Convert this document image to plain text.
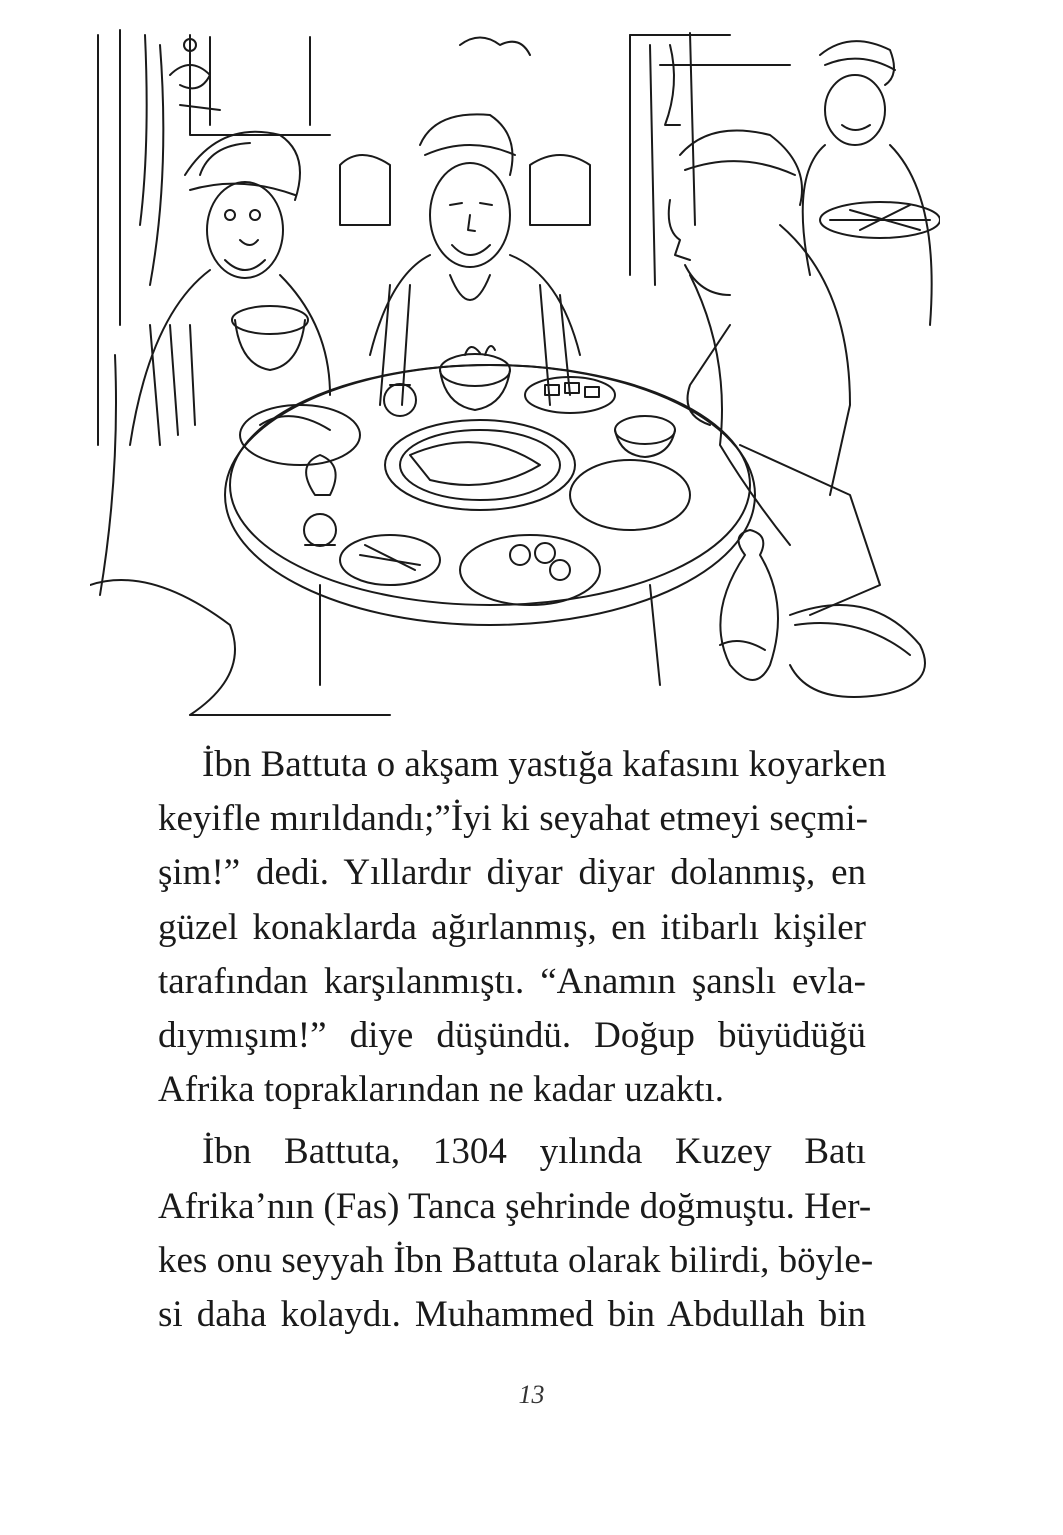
İbn Battuta o akşam yastığa kafasını koyarken
keyifle mırıldandı;”İyi ki seyahat etmeyi seçmi-
şim!” dedi. Yıllardır diyar diyar dolanmış, en
güzel konaklarda ağırlanmış, en itibarlı kişiler
tarafından karşılanmıştı. “Anamın şanslı evla-
dıymışım!” diye düşündü. Doğup büyüdüğü
Afrika topraklarından ne kadar uzaktı.
İbn Battuta, 1304 yılında Kuzey Batı
Afrika’nın (Fas) Tanca şehrinde doğmuştu. Her-
kes onu seyyah İbn Battuta olarak bilirdi, böyle-
si daha kolaydı. Muhammed bin Abdullah bin
13
